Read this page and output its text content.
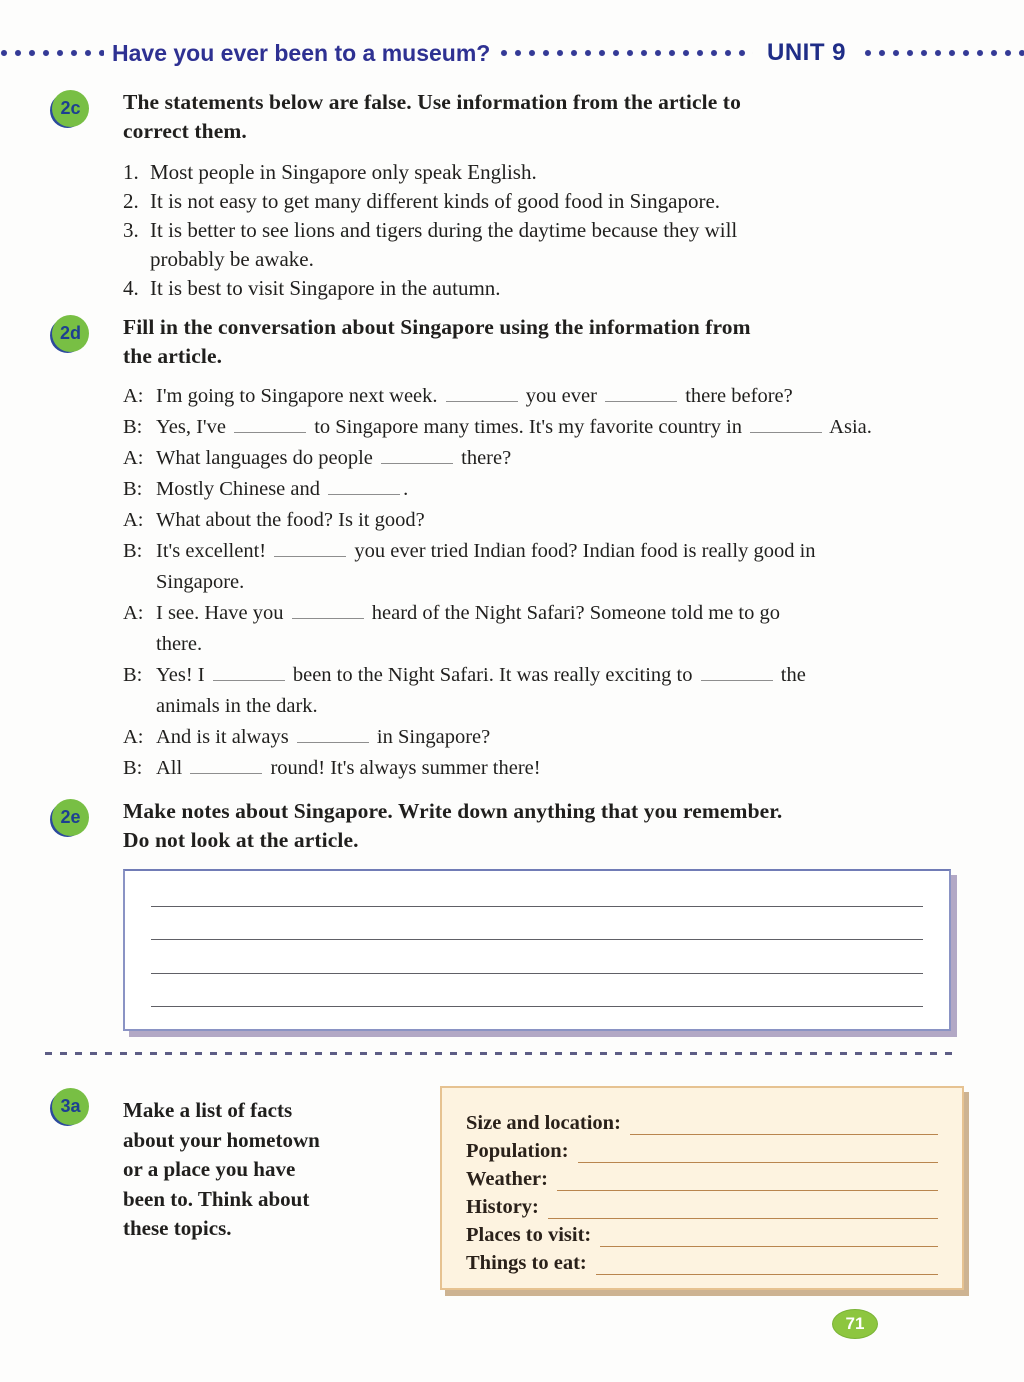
Have you ever been to a museum?	UNIT 9
2c	The statements below are false. Use information from the article to
correct them.
1. Most people in Singapore only speak English.
2. It is not easy to get many different kinds of good food in Singapore.
3. It is better to see lions and tigers during the daytime because they will
probably be awake.
4. It is best to visit Singapore in the autumn.
2d	Fill in the conversation about Singapore using the information from
the article.
A: I'm going to Singapore next week.	you ever	there before?
B: Yes, I've	to Singapore many times. It's my favorite country in	Asia.
A: What languages do people	there?
B: Mostly Chinese and	.
A: What about the food? Is it good?
B: It's excellent!	you ever tried Indian food? Indian food is really good in
Singapore.
A: I see. Have you	heard of the Night Safari? Someone told me to go
there.
B: Yes! I	been to the Night Safari. It was really exciting to	the
animals in the dark.
A: And is it always	in Singapore?
B: All	round! It's always summer there!
2e	Make notes about Singapore. Write down anything that you remember.
Do not look at the article.
3a	Make a list of facts
about your hometown
or a place you have
been to. Think about
these topics.
Size and location:
Population:
Weather:
History:
Places to visit:
Things to eat:
71
